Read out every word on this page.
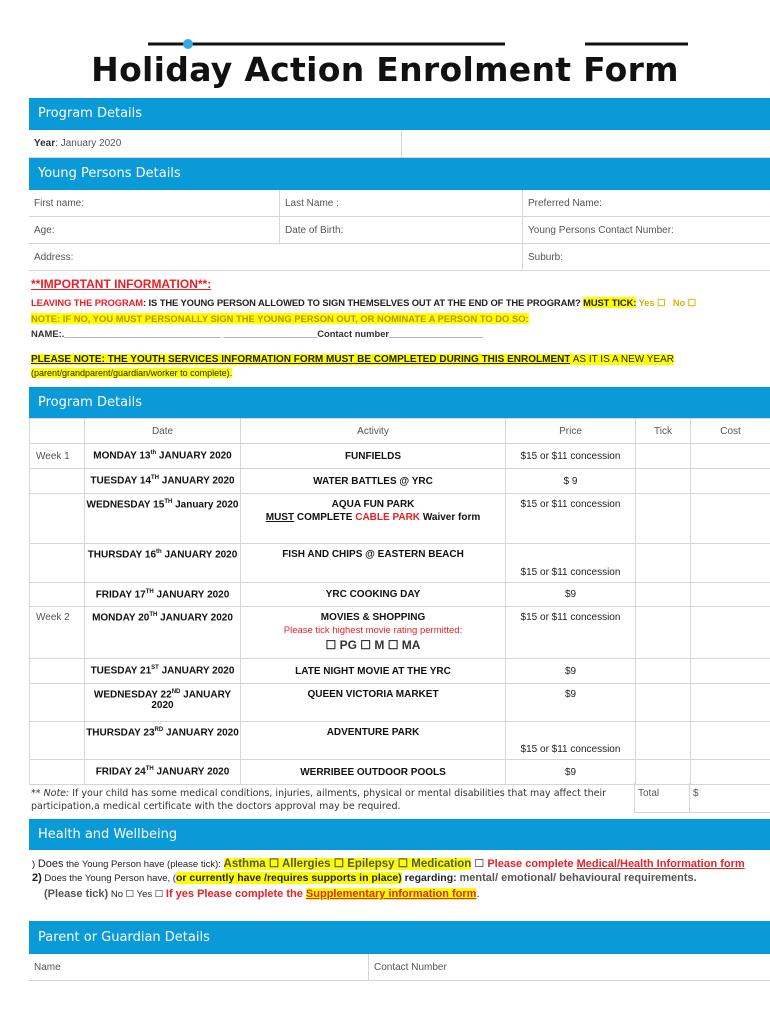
Holiday Action Enrolment Form
Program Details
Year : January 2020
Young Persons Details
First name:	Last Name :	Preferred Name:
Age:	Date of Birth:	Young Persons Contact Number:
Address:	Suburb:
**IMPORTANT INFORMATION**:
LEAVING THE PROGRAM: IS THE YOUNG PERSON ALLOWED TO SIGN THEMSELVES OUT AT THE END OF THE PROGRAM? MUST TICK: Yes ☐ No ☐
NOTE: IF NO, YOU MUST PERSONALLY SIGN THE YOUNG PERSON OUT, OR NOMINATE A PERSON TO DO SO:
NAME:.______________________________ __________________Contact number__________________
PLEASE NOTE: THE YOUTH SERVICES INFORMATION FORM MUST BE COMPLETED DURING THIS ENROLMENT AS IT IS A NEW YEAR
(parent/grandparent/guardian/worker to complete).
Program Details
	Date	Activity	Price	Tick	Cost
Week 1	MONDAY 13th JANUARY 2020	FUNFIELDS	$15 or $11 concession		
	TUESDAY 14TH JANUARY 2020	WATER BATTLES @ YRC	$ 9		
	WEDNESDAY 15TH January 2020	AQUA FUN PARK
MUST COMPLETE CABLE PARK Waiver form	$15 or $11 concession		
	THURSDAY 16th JANUARY 2020	FISH AND CHIPS @ EASTERN BEACH	$15 or $11 concession		
	FRIDAY 17TH JANUARY 2020	YRC COOKING DAY	$9		
Week 2	MONDAY 20TH JANUARY 2020	MOVIES & SHOPPING
Please tick highest movie rating permitted:
☐ PG ☐ M ☐ MA	$15 or $11 concession		
	TUESDAY 21ST JANUARY 2020	LATE NIGHT MOVIE AT THE YRC	$9		
	WEDNESDAY 22ND JANUARY
2020	QUEEN VICTORIA MARKET	$9		
	THURSDAY 23RD JANUARY 2020	ADVENTURE PARK	$15 or $11 concession		
	FRIDAY 24TH JANUARY 2020	WERRIBEE OUTDOOR POOLS	$9		
** Note: If your child has some medical conditions, injuries, ailments, physical or mental disabilities that may affect their participation,a medical certificate with the doctors approval may be required.
Total	$
Health and Wellbeing
) Does the Young Person have (please tick): Asthma ☐ Allergies ☐ Epilepsy ☐ Medication ☐ Please complete Medical/Health Information form
2) Does the Young Person have, (or currently have /requires supports in place) regarding: mental/ emotional/ behavioural requirements.
(Please tick) No ☐ Yes ☐ If yes Please complete the Supplementary information form.
Parent or Guardian Details
Name	Contact Number
